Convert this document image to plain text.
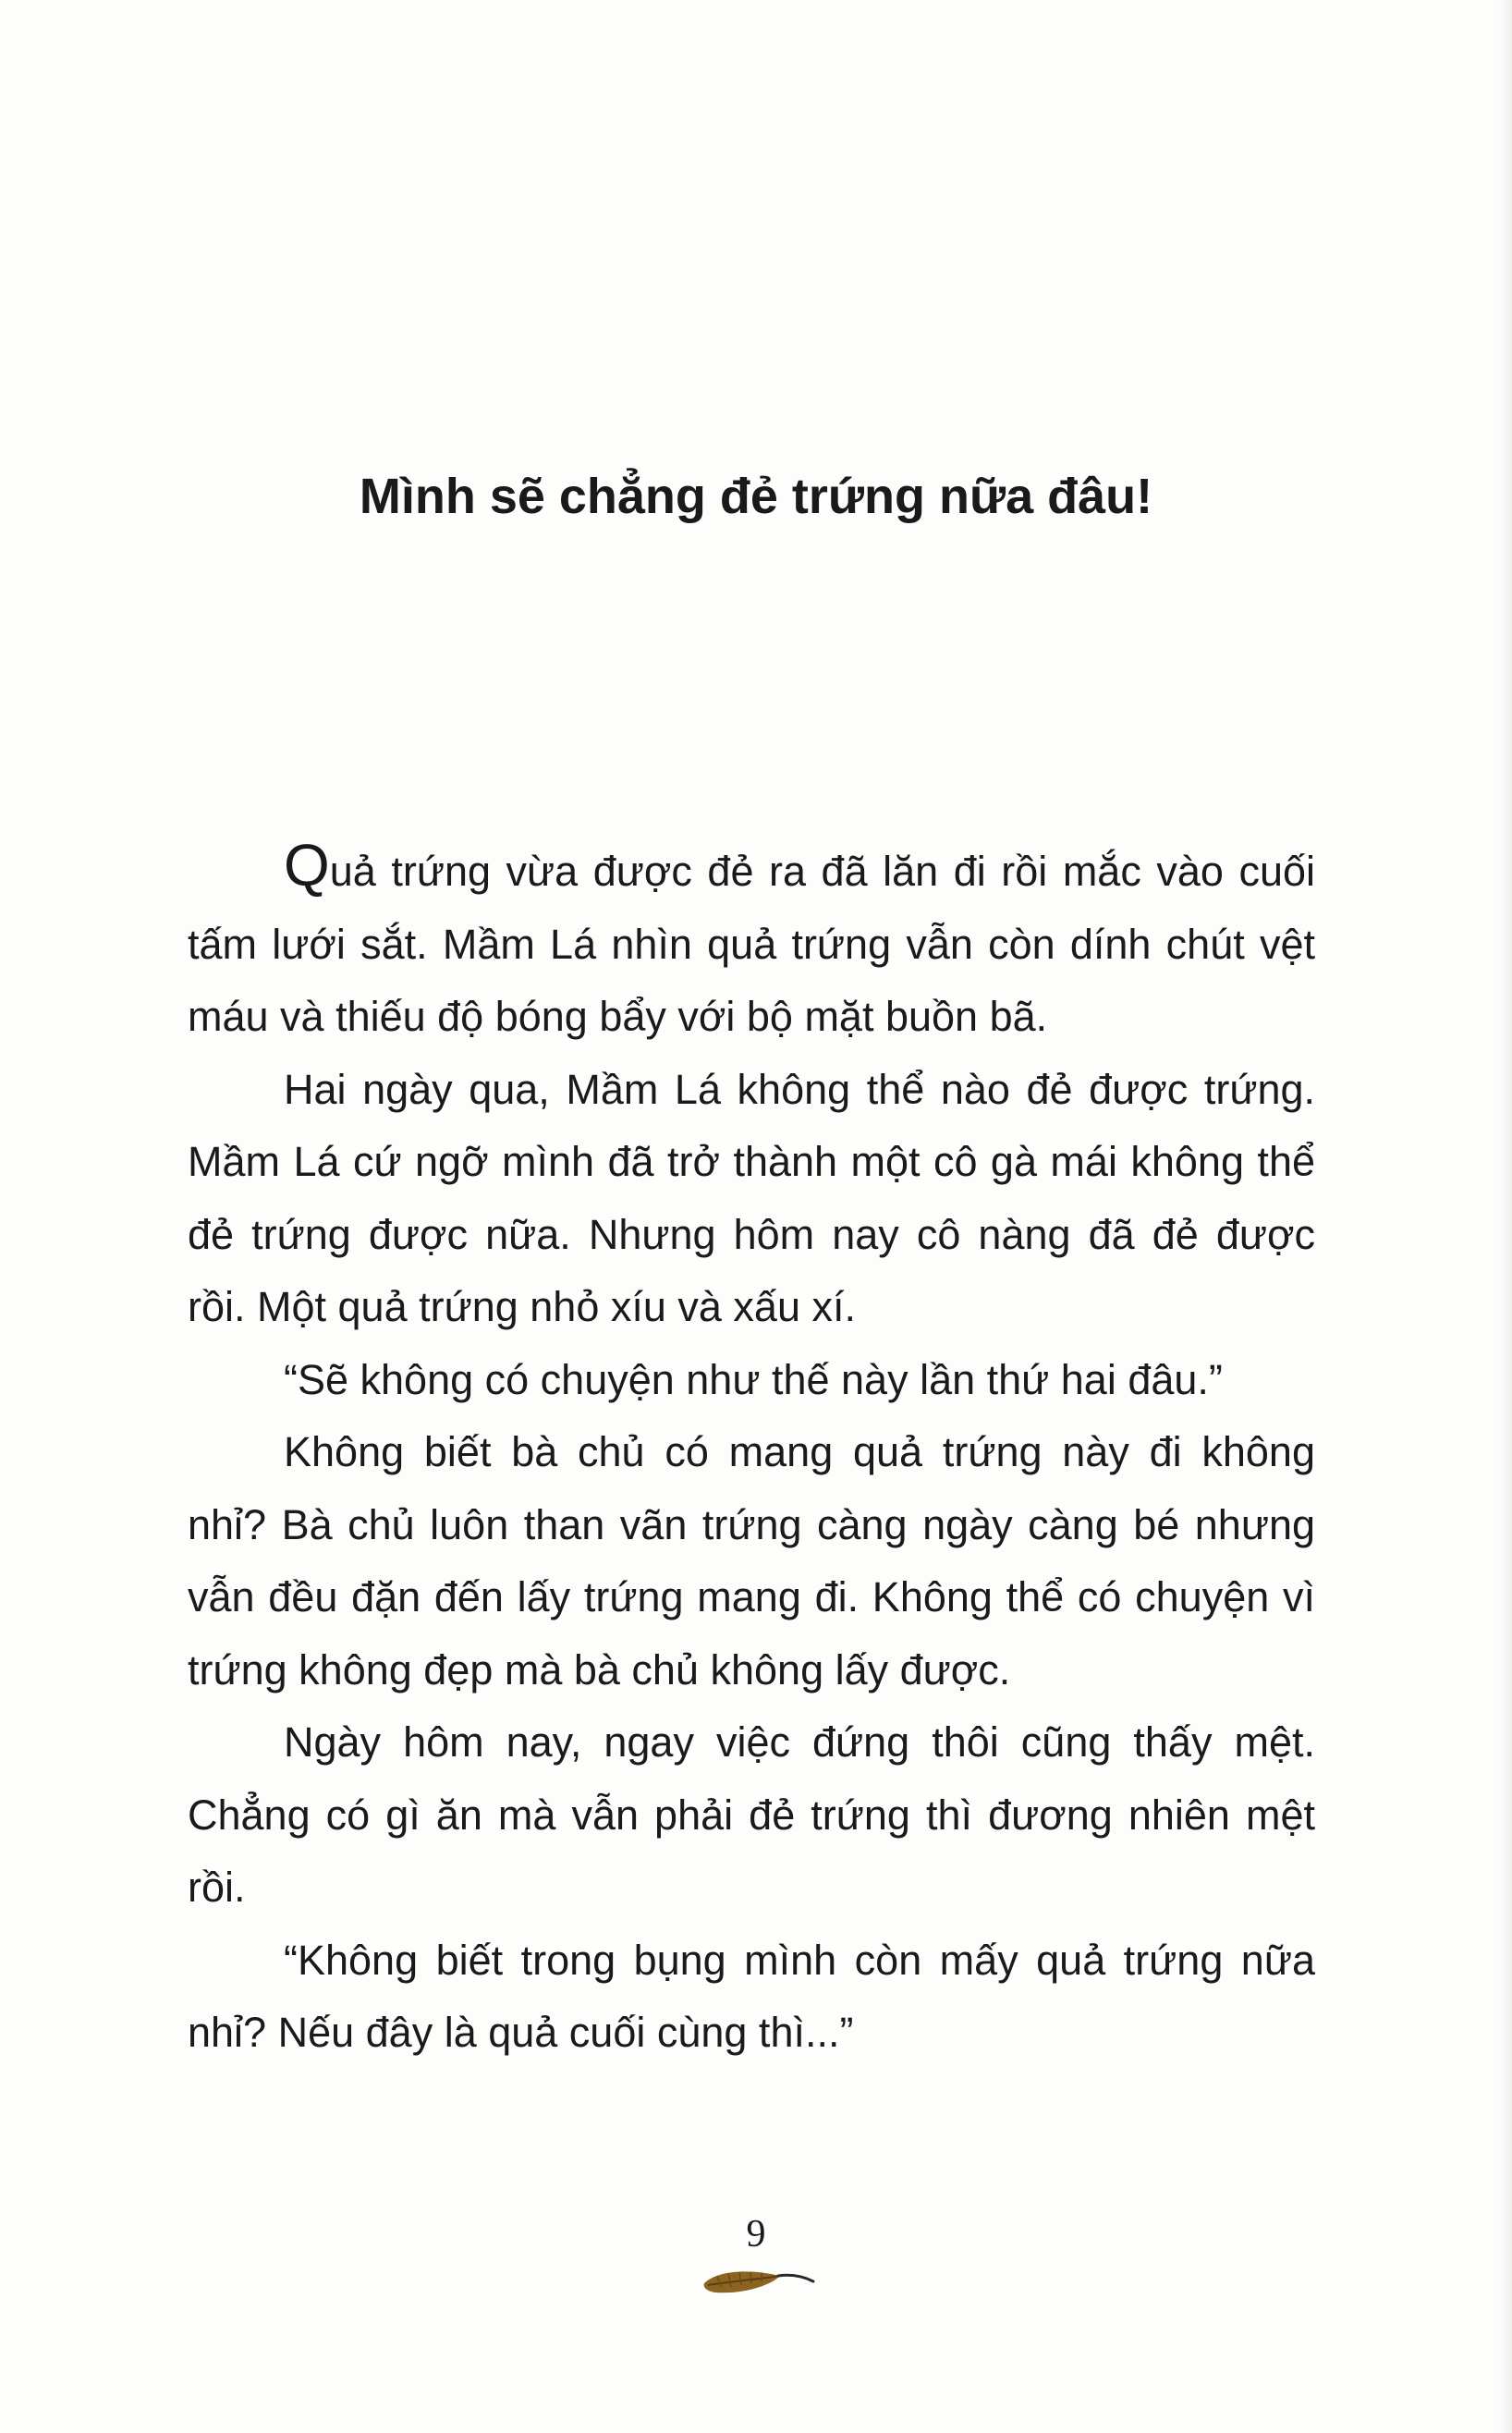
Mình sẽ chẳng đẻ trứng nữa đâu!

Quả trứng vừa được đẻ ra đã lăn đi rồi mắc vào cuối tấm lưới sắt. Mầm Lá nhìn quả trứng vẫn còn dính chút vệt máu và thiếu độ bóng bẩy với bộ mặt buồn bã.

Hai ngày qua, Mầm Lá không thể nào đẻ được trứng. Mầm Lá cứ ngỡ mình đã trở thành một cô gà mái không thể đẻ trứng được nữa. Nhưng hôm nay cô nàng đã đẻ được rồi. Một quả trứng nhỏ xíu và xấu xí.

“Sẽ không có chuyện như thế này lần thứ hai đâu.”

Không biết bà chủ có mang quả trứng này đi không nhỉ? Bà chủ luôn than vãn trứng càng ngày càng bé nhưng vẫn đều đặn đến lấy trứng mang đi. Không thể có chuyện vì trứng không đẹp mà bà chủ không lấy được.

Ngày hôm nay, ngay việc đứng thôi cũng thấy mệt. Chẳng có gì ăn mà vẫn phải đẻ trứng thì đương nhiên mệt rồi.

“Không biết trong bụng mình còn mấy quả trứng nữa nhỉ? Nếu đây là quả cuối cùng thì...”

9
